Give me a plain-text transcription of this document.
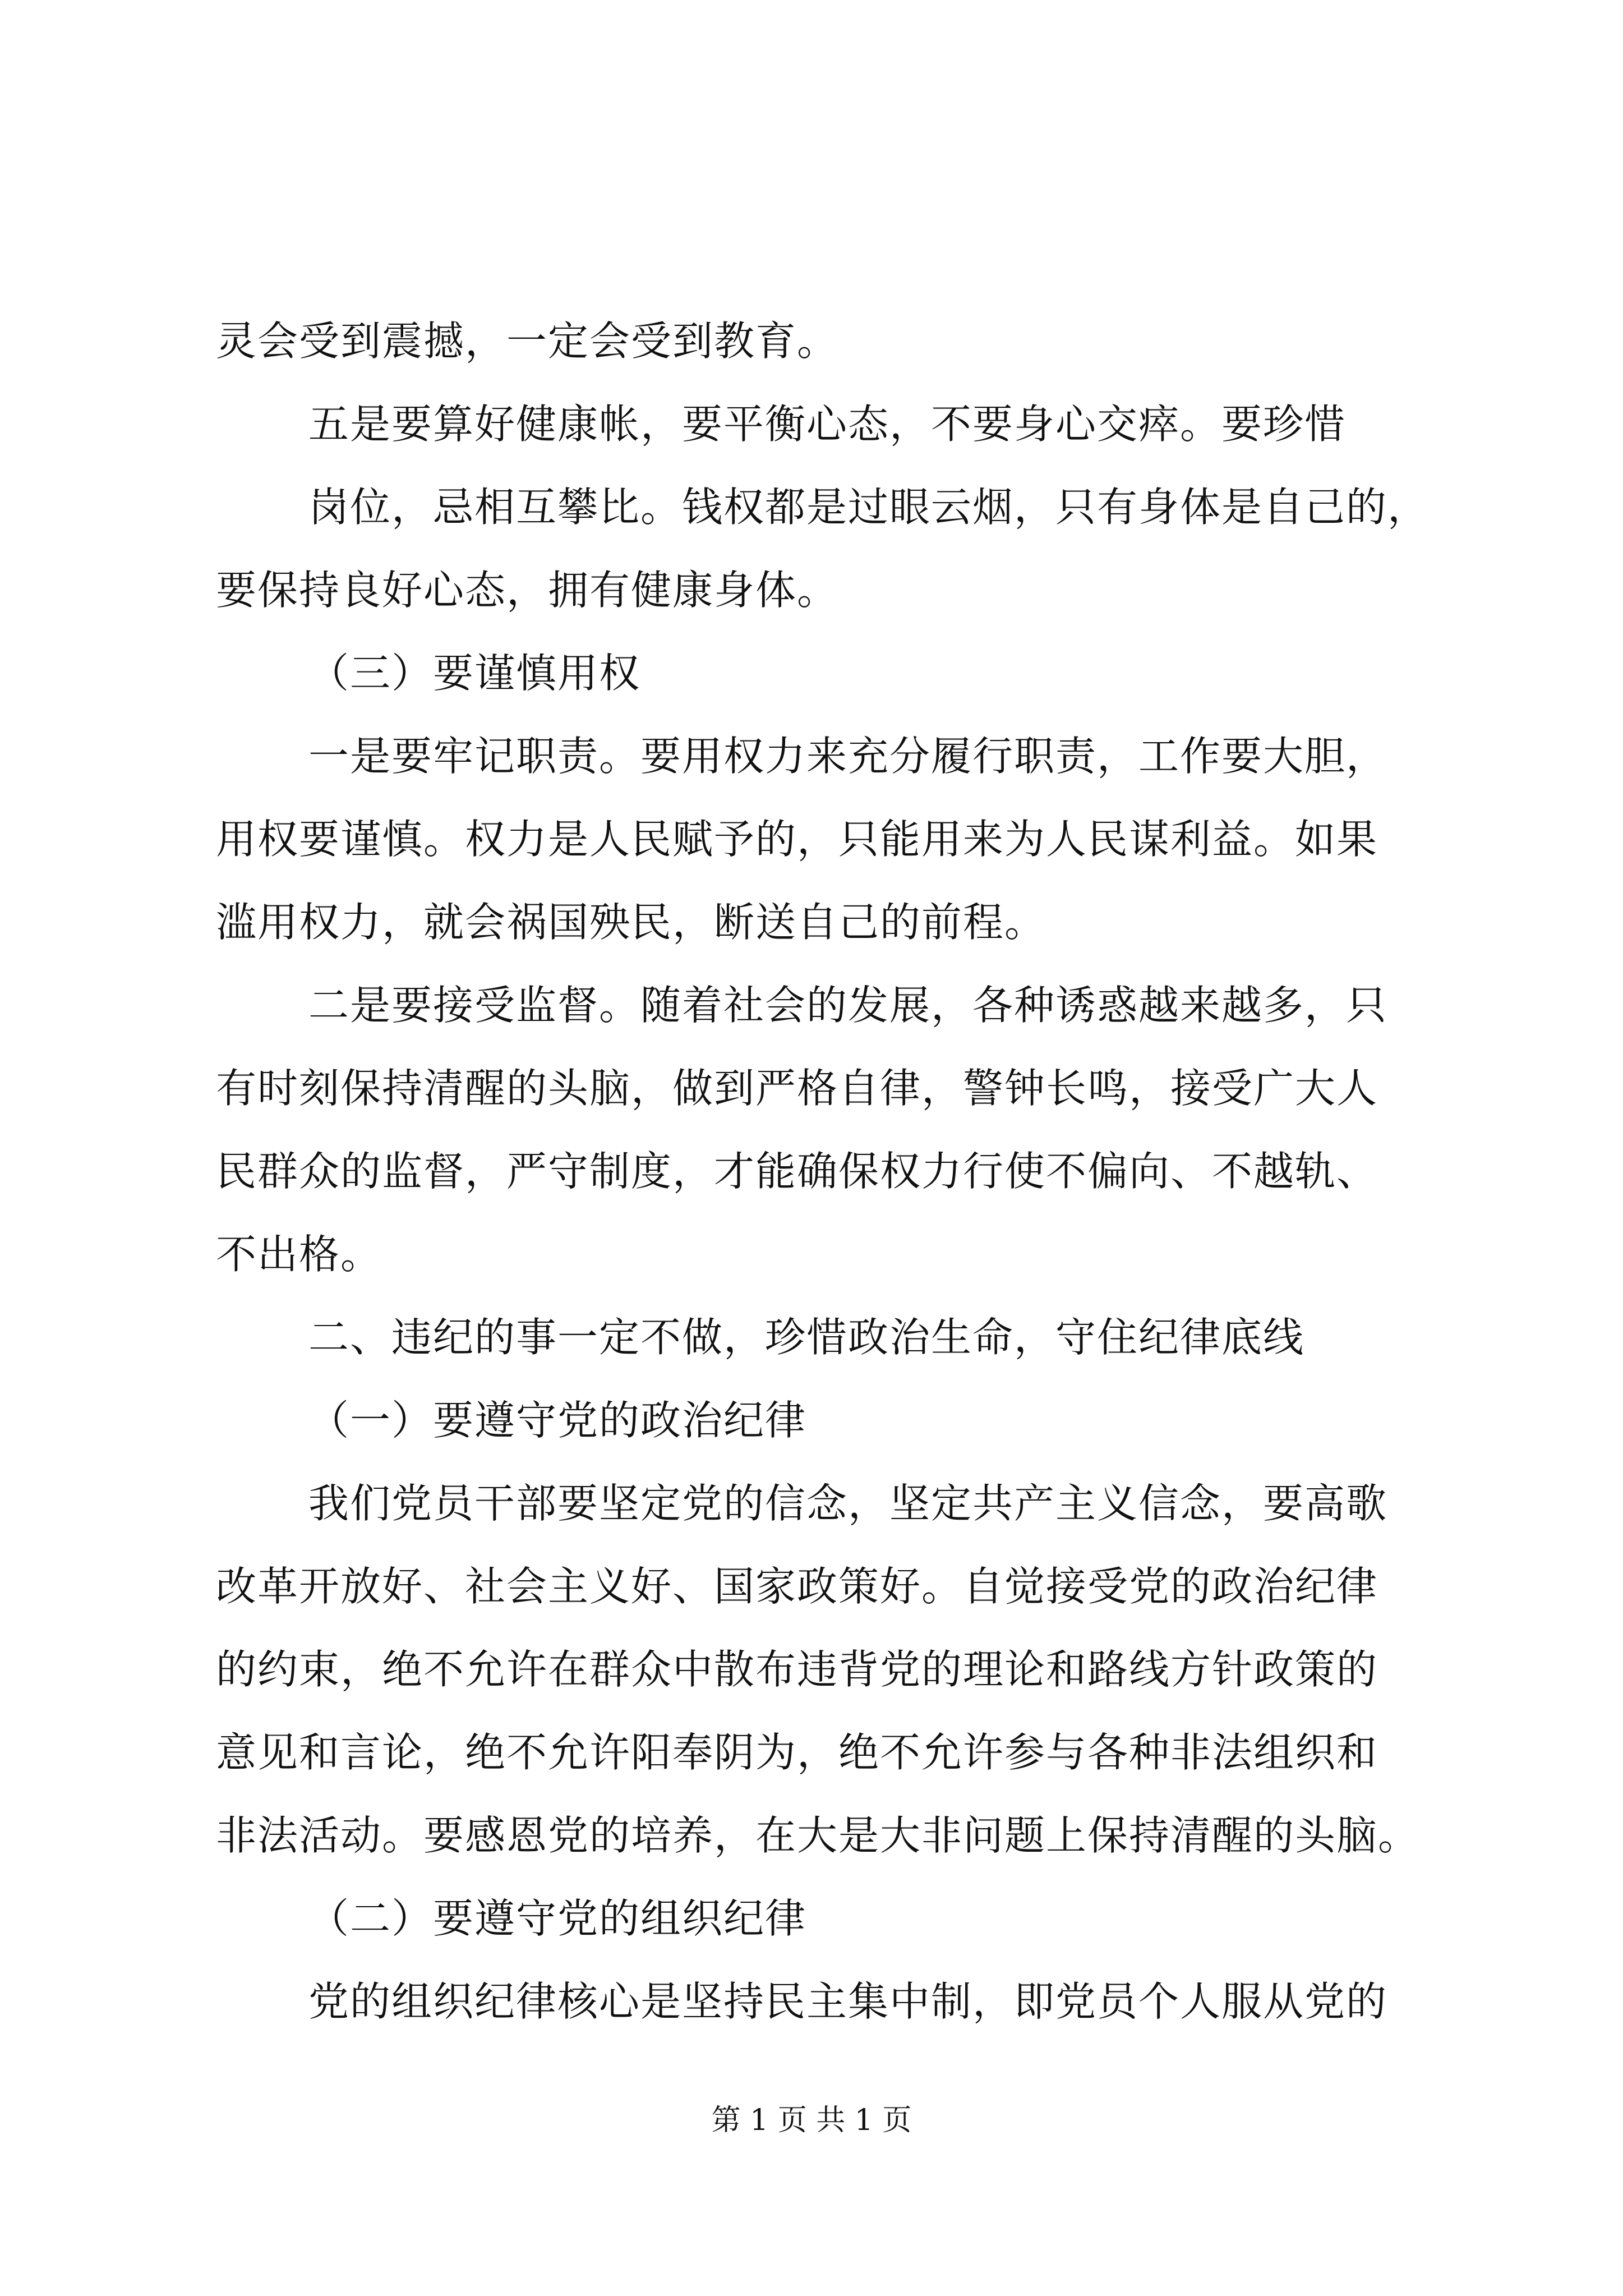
灵会受到震撼，一定会受到教育。
五是要算好健康帐，要平衡心态，不要身心交瘁。要珍惜
岗位，忌相互攀比。钱权都是过眼云烟，只有身体是自己的，
要保持良好心态，拥有健康身体。
（三）要谨慎用权
一是要牢记职责。要用权力来充分履行职责，工作要大胆，
用权要谨慎。权力是人民赋予的，只能用来为人民谋利益。如果
滥用权力，就会祸国殃民，断送自己的前程。
二是要接受监督。随着社会的发展，各种诱惑越来越多，只
有时刻保持清醒的头脑，做到严格自律，警钟长鸣，接受广大人
民群众的监督，严守制度，才能确保权力行使不偏向、不越轨、
不出格。
二、违纪的事一定不做，珍惜政治生命，守住纪律底线
（一）要遵守党的政治纪律
我们党员干部要坚定党的信念，坚定共产主义信念，要高歌
改革开放好、社会主义好、国家政策好。自觉接受党的政治纪律
的约束，绝不允许在群众中散布违背党的理论和路线方针政策的
意见和言论，绝不允许阳奉阴为，绝不允许参与各种非法组织和
非法活动。要感恩党的培养，在大是大非问题上保持清醒的头脑。
（二）要遵守党的组织纪律
党的组织纪律核心是坚持民主集中制，即党员个人服从党的
第 1 页 共 1 页
